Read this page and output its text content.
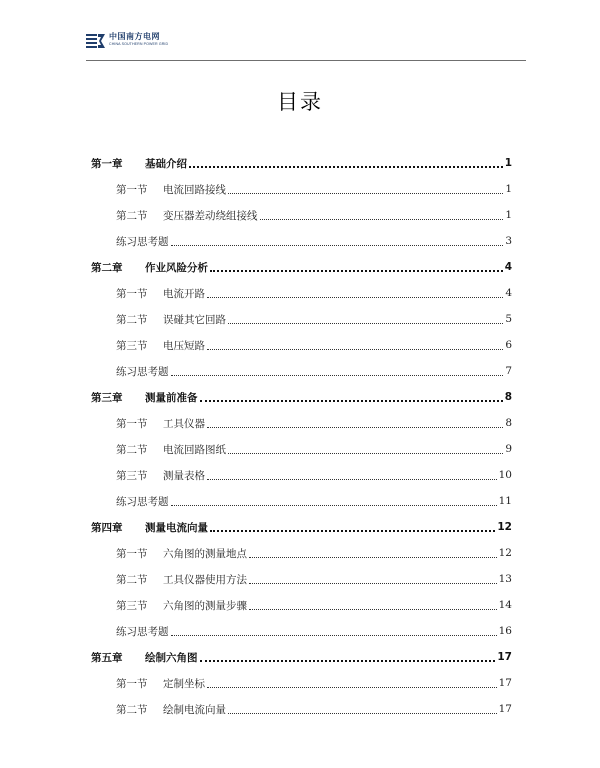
中国南方电网
CHINA SOUTHERN POWER GRID
目录
第一章	基础介绍	1
第一节	电流回路接线	1
第二节	变压器差动绕组接线	1
练习思考题	3
第二章	作业风险分析	4
第一节	电流开路	4
第二节	误碰其它回路	5
第三节	电压短路	6
练习思考题	7
第三章	测量前准备	8
第一节	工具仪器	8
第二节	电流回路图纸	9
第三节	测量表格	10
练习思考题	11
第四章	测量电流向量	12
第一节	六角图的测量地点	12
第二节	工具仪器使用方法	13
第三节	六角图的测量步骤	14
练习思考题	16
第五章	绘制六角图	17
第一节	定制坐标	17
第二节	绘制电流向量	17
